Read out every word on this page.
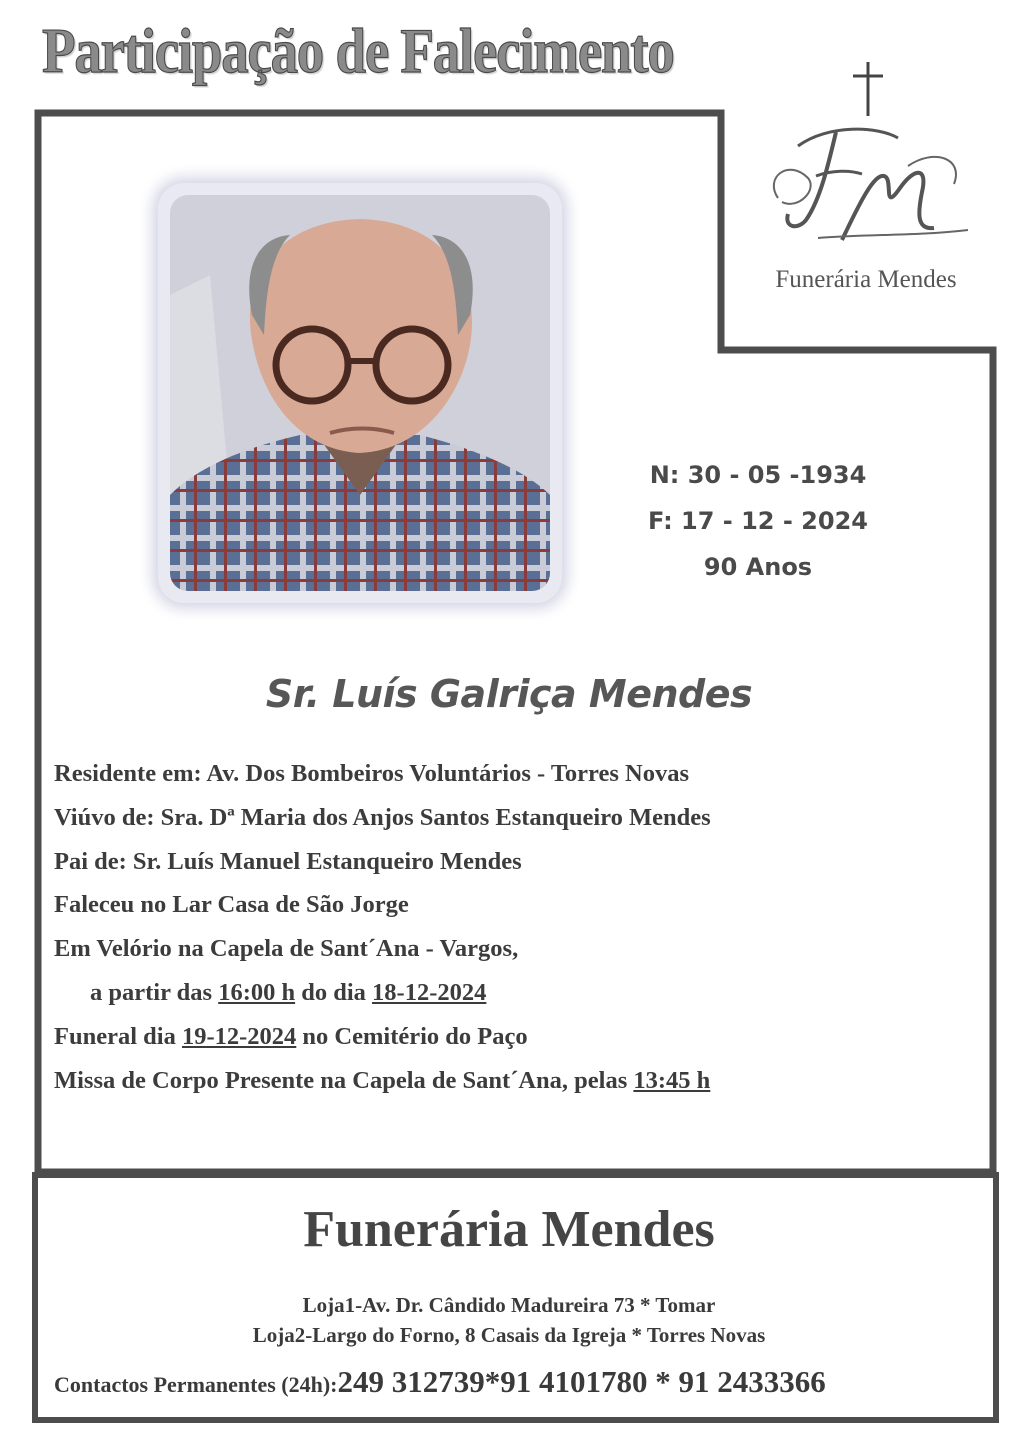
Participação de Falecimento
Funerária Mendes
N: 30 - 05 -1934
F: 17 - 12 - 2024
90 Anos
Sr. Luís Galriça Mendes
Residente em: Av. Dos Bombeiros Voluntários - Torres Novas
Viúvo de: Sra. Dª Maria dos Anjos Santos Estanqueiro Mendes
Pai de: Sr. Luís Manuel Estanqueiro Mendes
Faleceu no Lar Casa de São Jorge
Em Velório na Capela de Sant´Ana - Vargos,
a partir das 16:00 h do dia 18-12-2024
Funeral dia 19-12-2024 no Cemitério do Paço
Missa de Corpo Presente na Capela de Sant´Ana, pelas 13:45 h
Funerária Mendes
Loja1-Av. Dr. Cândido Madureira 73 * Tomar
Loja2-Largo do Forno, 8 Casais da Igreja * Torres Novas
Contactos Permanentes (24h):249 312739*91 4101780 * 91 2433366
